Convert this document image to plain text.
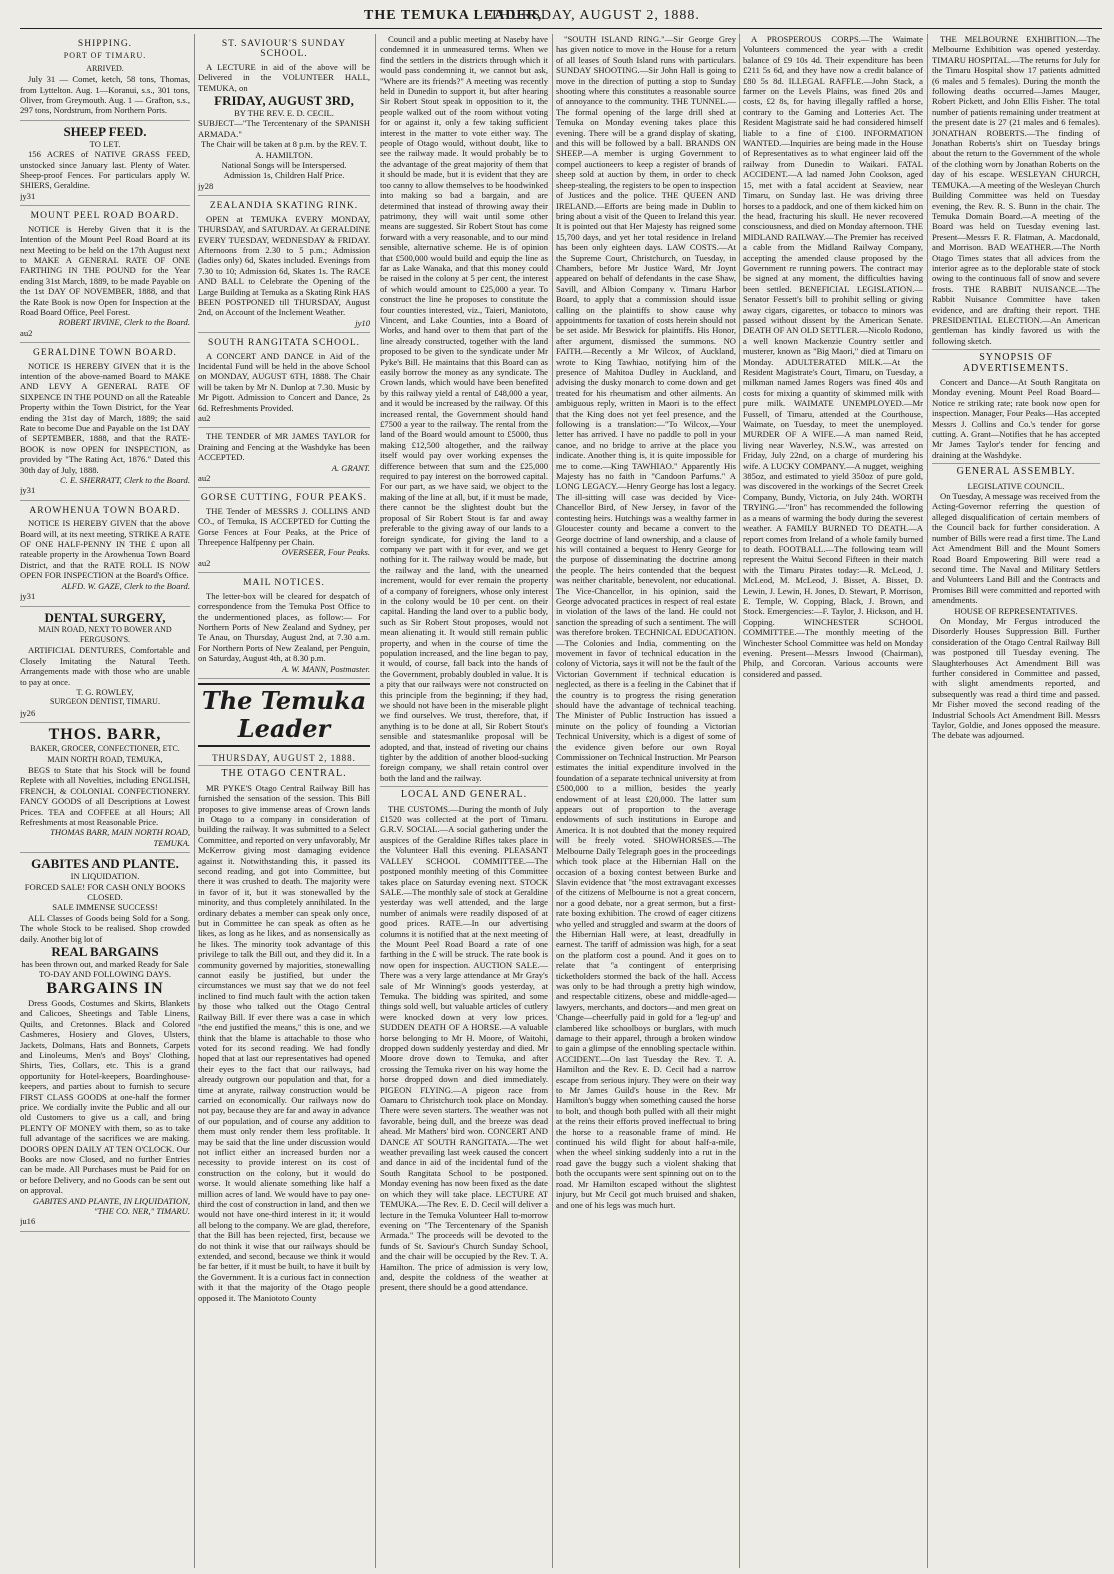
THE TEMUKA LEADER,
THURSDAY, AUGUST 2, 1888.
SHIPPING.
PORT OF TIMARU.
ARRIVED.

July 31 — Comet, ketch, 58 tons, Thomas, from Lyttelton. Aug. 1—Koranui, s.s., 301 tons, Oliver, from Greymouth. Aug. 1 — Grafton, s.s., 297 tons, Nordstrum, from Northern Ports.

SHEEP FEED.
TO LET.

156 ACRES of NATIVE GRASS FEED, unstocked since January last. Plenty of Water. Sheep-proof Fences. For particulars apply W. SHIERS, Geraldine.

jy31
MOUNT PEEL ROAD BOARD.

NOTICE is Hereby Given that it is the Intention of the Mount Peel Road Board at its next Meeting to be held on the 17th August next to MAKE A GENERAL RATE OF ONE FARTHING IN THE POUND for the Year ending 31st March, 1889, to be made Payable on the 1st DAY OF NOVEMBER, 1888, and that the Rate Book is now Open for Inspection at the Road Board Office, Peel Forest.

ROBERT IRVINE, Clerk to the Board.
au2
GERALDINE TOWN BOARD.

NOTICE IS HEREBY GIVEN that it is the intention of the above-named Board to MAKE AND LEVY A GENERAL RATE OF SIXPENCE IN THE POUND on all the Rateable Property within the Town District, for the Year ending the 31st day of March, 1889; the said Rate to become Due and Payable on the 1st DAY of SEPTEMBER, 1888, and that the RATE-BOOK is now OPEN for INSPECTION, as provided by "The Rating Act, 1876." Dated this 30th day of July, 1888.

C. E. SHERRATT, Clerk to the Board.
jy31
AROWHENUA TOWN BOARD.

NOTICE IS HEREBY GIVEN that the above Board will, at its next meeting, STRIKE A RATE OF ONE HALF-PENNY IN THE £ upon all rateable property in the Arowhenua Town Board District, and that the RATE ROLL IS NOW OPEN FOR INSPECTION at the Board's Office.

ALFD. W. GAZE, Clerk to the Board.
jy31
DENTAL SURGERY,
MAIN ROAD, NEXT TO BOWER AND FERGUSON'S.

ARTIFICIAL DENTURES, Comfortable and Closely Imitating the Natural Teeth. Arrangements made with those who are unable to pay at once.

T. G. ROWLEY,
SURGEON DENTIST, TIMARU.
jy26
THOS. BARR,
BAKER, GROCER, CONFECTIONER, ETC.
MAIN NORTH ROAD, TEMUKA,

BEGS to State that his Stock will be found Replete with all Novelties, including ENGLISH, FRENCH, & COLONIAL CONFECTIONERY. FANCY GOODS of all Descriptions at Lowest Prices. TEA and COFFEE at all Hours; All Refreshments at most Reasonable Price.

THOMAS BARR, MAIN NORTH ROAD, TEMUKA.
GABITES AND PLANTE.
IN LIQUIDATION.
FORCED SALE! FOR CASH ONLY BOOKS CLOSED.
SALE IMMENSE SUCCESS!

ALL Classes of Goods being Sold for a Song. The whole Stock to be realised. Shop crowded daily. Another big lot of

REAL BARGAINS

has been thrown out, and marked Ready for Sale TO-DAY AND FOLLOWING DAYS.

BARGAINS IN

Dress Goods, Costumes and Skirts, Blankets and Calicoes, Sheetings and Table Linens, Quilts, and Cretonnes. Black and Colored Cashmeres, Hosiery and Gloves, Ulsters, Jackets, Dolmans, Hats and Bonnets, Carpets and Linoleums, Men's and Boys' Clothing, Shirts, Ties, Collars, etc. This is a grand opportunity for Hotel-keepers, Boardinghouse-keepers, and parties about to furnish to secure FIRST CLASS GOODS at one-half the former price. We cordially invite the Public and all our old Customers to give us a call, and bring PLENTY OF MONEY with them, so as to take full advantage of the sacrifices we are making. DOORS OPEN DAILY AT TEN O'CLOCK. Our Books are now Closed, and no further Entries can be made. All Purchases must be Paid for on or before Delivery, and no Goods can be sent out on approval.

GABITES AND PLANTE, IN LIQUIDATION, "THE CO. NER," TIMARU.
ju16
ST. SAVIOUR'S SUNDAY SCHOOL.

A LECTURE in aid of the above will be Delivered in the VOLUNTEER HALL, TEMUKA, on

FRIDAY, AUGUST 3RD,
BY THE REV. E. D. CECIL.
SUBJECT—"The Tercentenary of the SPANISH ARMADA."
The Chair will be taken at 8 p.m. by the REV. T. A. HAMILTON.
National Songs will be Interspersed.
Admission 1s, Children Half Price.
jy28
ZEALANDIA SKATING RINK.

OPEN at TEMUKA EVERY MONDAY, THURSDAY, and SATURDAY. At GERALDINE EVERY TUESDAY, WEDNESDAY & FRIDAY. Afternoons from 2.30 to 5 p.m.; Admission (ladies only) 6d, Skates included. Evenings from 7.30 to 10; Admission 6d, Skates 1s. The RACE AND BALL to Celebrate the Opening of the Large Building at Temuka as a Skating Rink HAS BEEN POSTPONED till THURSDAY, August 2nd, on Account of the Inclement Weather.

jy10
SOUTH RANGITATA SCHOOL.

A CONCERT AND DANCE in Aid of the Incidental Fund will be held in the above School on MONDAY, AUGUST 6TH, 1888. The Chair will be taken by Mr N. Dunlop at 7.30. Music by Mr Pigott. Admission to Concert and Dance, 2s 6d. Refreshments Provided.

au2

THE TENDER of MR JAMES TAYLOR for Draining and Fencing at the Washdyke has been ACCEPTED.

A. GRANT.
au2
GORSE CUTTING, FOUR PEAKS.

THE Tender of MESSRS J. COLLINS AND CO., of Temuka, IS ACCEPTED for Cutting the Gorse Fences at Four Peaks, at the Price of Threepence Halfpenny per Chain.

OVERSEER, Four Peaks.
au2
MAIL NOTICES.

The letter-box will be cleared for despatch of correspondence from the Temuka Post Office to the undermentioned places, as follow:— For Northern Ports of New Zealand and Sydney, per Te Anau, on Thursday, August 2nd, at 7.30 a.m. For Northern Ports of New Zealand, per Penguin, on Saturday, August 4th, at 8.30 p.m.

A. W. MANN, Postmaster.
The Temuka Leader
THURSDAY, AUGUST 2, 1888.
THE OTAGO CENTRAL.

MR PYKE'S Otago Central Railway Bill has furnished the sensation of the session. This Bill proposes to give immense areas of Crown lands in Otago to a company in consideration of building the railway. It was submitted to a Select Committee, and reported on very unfavorably, Mr McKerrow giving most damaging evidence against it. Notwithstanding this, it passed its second reading, and got into Committee, but there it was crushed to death. The majority were in favor of it, but it was stonewalled by the minority, and thus completely annihilated. In the ordinary debates a member can speak only once, but in Committee he can speak as often as he likes, as long as he likes, and as nonsensically as he likes. The minority took advantage of this privilege to talk the Bill out, and they did it. In a community governed by majorities, stonewalling cannot easily be justified, but under the circumstances we must say that we do not feel inclined to find much fault with the action taken by those who talked out the Otago Central Railway Bill. If ever there was a case in which "the end justified the means," this is one, and we think that the blame is attachable to those who voted for its second reading. We had fondly hoped that at last our representatives had opened their eyes to the fact that our railways, had already outgrown our population and that, for a time at anyrate, railway construction would be carried on economically. Our railways now do not pay, because they are far and away in advance of our population, and of course any addition to them must only render them less profitable. It may be said that the line under discussion would not inflict either an increased burden nor a necessity to provide interest on its cost of construction on the colony, but it would do worse. It would alienate something like half a million acres of land. We would have to pay one-third the cost of construction in land, and then we would not have one-third interest in it; it would all belong to the company. We are glad, therefore, that the Bill has been rejected, first, because we do not think it wise that our railways should be extended, and second, because we think it would be far better, if it must be built, to have it built by the Government. It is a curious fact in connection with it that the majority of the Otago people opposed it. The Maniototo County

Council and a public meeting at Naseby have condemned it in unmeasured terms. When we find the settlers in the districts through which it would pass condemning it, we cannot but ask, "Where are its friends?" A meeting was recently held in Dunedin to support it, but after hearing Sir Robert Stout speak in opposition to it, the people walked out of the room without voting for or against it, only a few taking sufficient interest in the matter to vote either way. The people of Otago would, without doubt, like to see the railway made. It would probably be to the advantage of the great majority of them that it should be made, but it is evident that they are too canny to allow themselves to be hoodwinked into making so bad a bargain, and are determined that instead of throwing away their patrimony, they will wait until some other means are suggested. Sir Robert Stout has come forward with a very reasonable, and to our mind sensible, alternative scheme. He is of opinion that £500,000 would build and equip the line as far as Lake Wanaka, and that this money could be raised in the colony at 5 per cent, the interest of which would amount to £25,000 a year. To construct the line he proposes to constitute the four counties interested, viz., Taieri, Maniototo, Vincent, and Lake Counties, into a Board of Works, and hand over to them that part of the line already constructed, together with the land proposed to be given to the syndicate under Mr Pyke's Bill. He maintains that this Board can as easily borrow the money as any syndicate. The Crown lands, which would have been benefited by this railway yield a rental of £48,000 a year, and it would be increased by the railway. Of this increased rental, the Government should hand £7500 a year to the railway. The rental from the land of the Board would amount to £5000, thus making £12,500 altogether, and the railway itself would pay over working expenses the difference between that sum and the £25,000 required to pay interest on the borrowed capital. For our part, as we have said, we object to the making of the line at all, but, if it must be made, there cannot be the slightest doubt but the proposal of Sir Robert Stout is far and away preferable to the giving away of our lands to a foreign syndicate, for giving the land to a company we part with it for ever, and we get nothing for it. The railway would be made, but the railway and the land, with the unearned increment, would for ever remain the property of a company of foreigners, whose only interest in the colony would be 10 per cent. on their capital. Handing the land over to a public body, such as Sir Robert Stout proposes, would not mean alienating it. It would still remain public property, and when in the course of time the population increased, and the line began to pay, it would, of course, fall back into the hands of the Government, probably doubled in value. It is a pity that our railways were not constructed on this principle from the beginning; if they had, we should not have been in the miserable plight we find ourselves. We trust, therefore, that, if anything is to be done at all, Sir Robert Stout's sensible and statesmanlike proposal will be adopted, and that, instead of riveting our chains tighter by the addition of another blood-sucking foreign company, we shall retain control over both the land and the railway.

LOCAL AND GENERAL.

THE CUSTOMS.—During the month of July £1520 was collected at the port of Timaru. G.R.V. SOCIAL.—A social gathering under the auspices of the Geraldine Rifles takes place in the Volunteer Hall this evening. PLEASANT VALLEY SCHOOL COMMITTEE.—The postponed monthly meeting of this Committee takes place on Saturday evening next. STOCK SALE.—The monthly sale of stock at Geraldine yesterday was well attended, and the large number of animals were readily disposed of at good prices. RATE.—In our advertising columns it is notified that at the next meeting of the Mount Peel Road Board a rate of one farthing in the £ will be struck. The rate book is now open for inspection. AUCTION SALE.—There was a very large attendance at Mr Gray's sale of Mr Winning's goods yesterday, at Temuka. The bidding was spirited, and some things sold well, but valuable articles of cutlery were knocked down at very low prices. SUDDEN DEATH OF A HORSE.—A valuable horse belonging to Mr H. Moore, of Waitohi, dropped down suddenly yesterday and died. Mr Moore drove down to Temuka, and after crossing the Temuka river on his way home the horse dropped down and died immediately. PIGEON FLYING.—A pigeon race from Oamaru to Christchurch took place on Monday. There were seven starters. The weather was not favorable, being dull, and the breeze was dead ahead. Mr Mathers' bird won. CONCERT AND DANCE AT SOUTH RANGITATA.—The wet weather prevailing last week caused the concert and dance in aid of the incidental fund of the South Rangitata School to be postponed. Monday evening has now been fixed as the date on which they will take place. LECTURE AT TEMUKA.—The Rev. E. D. Cecil will deliver a lecture in the Temuka Volunteer Hall to-morrow evening on "The Tercentenary of the Spanish Armada." The proceeds will be devoted to the funds of St. Saviour's Church Sunday School, and the chair will be occupied by the Rev. T. A. Hamilton. The price of admission is very low, and, despite the coldness of the weather at present, there should be a good attendance.

"SOUTH ISLAND RING."—Sir George Grey has given notice to move in the House for a return of all leases of South Island runs with particulars. SUNDAY SHOOTING.—Sir John Hall is going to move in the direction of putting a stop to Sunday shooting where this constitutes a reasonable source of annoyance to the community. THE TUNNEL.—The formal opening of the large drill shed at Temuka on Monday evening takes place this evening. There will be a grand display of skating, and this will be followed by a ball. BRANDS ON SHEEP.—A member is urging Government to compel auctioneers to keep a register of brands of sheep sold at auction by them, in order to check sheep-stealing, the registers to be open to inspection of Justices and the police. THE QUEEN AND IRELAND.—Efforts are being made in Dublin to bring about a visit of the Queen to Ireland this year. It is pointed out that Her Majesty has reigned some 15,700 days, and yet her total residence in Ireland has been only eighteen days. LAW COSTS.—At the Supreme Court, Christchurch, on Tuesday, in Chambers, before Mr Justice Ward, Mr Joynt appeared on behalf of defendants in the case Shaw, Savill, and Albion Company v. Timaru Harbor Board, to apply that a commission should issue calling on the plaintiffs to show cause why appointments for taxation of costs herein should not be set aside. Mr Beswick for plaintiffs. His Honor, after argument, dismissed the summons. NO FAITH.—Recently a Mr Wilcox, of Auckland, wrote to King Tawhiao, notifying him of the presence of Mahitoa Dudley in Auckland, and advising the dusky monarch to come down and get treated for his rheumatism and other ailments. An ambiguous reply, written in Maori is to the effect that the King does not yet feel presence, and the following is a translation:—"To Wilcox,—Your letter has arrived. I have no paddle to poll in your canoe, and no bridge to arrive at the place you indicate. Another thing is, it is quite impossible for me to come.—King TAWHIAO." Apparently His Majesty has no faith in "Candoon Parfums." A LONG LEGACY.—Henry George has lost a legacy. The ill-sitting will case was decided by Vice-Chancellor Bird, of New Jersey, in favor of the contesting heirs. Hutchings was a wealthy farmer in Gloucester county and became a convert to the George doctrine of land ownership, and a clause of his will contained a bequest to Henry George for the purpose of disseminating the doctrine among the people. The heirs contended that the bequest was neither charitable, benevolent, nor educational. The Vice-Chancellor, in his opinion, said the George advocated practices in respect of real estate in violation of the laws of the land. He could not sanction the spreading of such a sentiment. The will was therefore broken. TECHNICAL EDUCATION.—The Colonies and India, commenting on the movement in favor of technical education in the colony of Victoria, says it will not be the fault of the Victorian Government if technical education is neglected, as there is a feeling in the Cabinet that if the country is to progress the rising generation should have the advantage of technical teaching. The Minister of Public Instruction has issued a minute on the policy of founding a Victorian Technical University, which is a digest of some of the evidence given before our own Royal Commissioner on Technical Instruction. Mr Pearson estimates the initial expenditure involved in the foundation of a separate technical university at from £500,000 to a million, besides the yearly endowment of at least £20,000. The latter sum appears out of proportion to the average endowments of such institutions in Europe and America. It is not doubted that the money required will be freely voted. SHOWHORSES.—The Melbourne Daily Telegraph goes in the proceedings which took place at the Hibernian Hall on the occasion of a boxing contest between Burke and Slavin evidence that "the most extravagant excesses of the citizens of Melbourne is not a great concern, nor a good debate, nor a great sermon, but a first-rate boxing exhibition. The crowd of eager citizens who yelled and struggled and swarm at the doors of the Hibernian Hall were, at least, dreadfully in earnest. The tariff of admission was high, for a seat on the platform cost a pound. And it goes on to relate that "a contingent of enterprising ticketholders stormed the back of the hall. Access was only to be had through a pretty high window, and respectable citizens, obese and middle-aged—lawyers, merchants, and doctors—and men great on 'Change—cheerfully paid in gold for a 'leg-up' and clambered like schoolboys or burglars, with much damage to their apparel, through a broken window to gain a glimpse of the ennobling spectacle within. ACCIDENT.—On last Tuesday the Rev. T. A. Hamilton and the Rev. E. D. Cecil had a narrow escape from serious injury. They were on their way to Mr James Guild's house in the Rev. Mr Hamilton's buggy when something caused the horse to bolt, and though both pulled with all their might at the reins their efforts proved ineffectual to bring the horse to a reasonable frame of mind. He continued his wild flight for about half-a-mile, when the wheel sinking suddenly into a rut in the road gave the buggy such a violent shaking that both the occupants were sent spinning out on to the road. Mr Hamilton escaped without the slightest injury, but Mr Cecil got much bruised and shaken, and one of his legs was much hurt.

A PROSPEROUS CORPS.—The Waimate Volunteers commenced the year with a credit balance of £9 10s 4d. Their expenditure has been £211 5s 6d, and they have now a credit balance of £80 5s 8d. ILLEGAL RAFFLE.—John Stack, a farmer on the Levels Plains, was fined 20s and costs, £2 8s, for having illegally raffled a horse, contrary to the Gaming and Lotteries Act. The Resident Magistrate said he had considered himself liable to a fine of £100. INFORMATION WANTED.—Inquiries are being made in the House of Representatives as to what engineer laid off the railway from Dunedin to Waikari. FATAL ACCIDENT.—A lad named John Cookson, aged 15, met with a fatal accident at Seaview, near Timaru, on Sunday last. He was driving three horses to a paddock, and one of them kicked him on the head, fracturing his skull. He never recovered consciousness, and died on Monday afternoon. THE MIDLAND RAILWAY.—The Premier has received a cable from the Midland Railway Company, accepting the amended clause proposed by the Government re running powers. The contract may be signed at any moment, the difficulties having been settled. BENEFICIAL LEGISLATION.—Senator Fessett's bill to prohibit selling or giving away cigars, cigarettes, or tobacco to minors was passed without dissent by the American Senate. DEATH OF AN OLD SETTLER.—Nicolo Rodono, a well known Mackenzie Country settler and musterer, known as "Big Maori," died at Timaru on Monday. ADULTERATED MILK.—At the Resident Magistrate's Court, Timaru, on Tuesday, a milkman named James Rogers was fined 40s and costs for mixing a quantity of skimmed milk with pure milk. WAIMATE UNEMPLOYED.—Mr Fussell, of Timaru, attended at the Courthouse, Waimate, on Tuesday, to meet the unemployed. MURDER OF A WIFE.—A man named Reid, living near Waverley, N.S.W., was arrested on Friday, July 22nd, on a charge of murdering his wife. A LUCKY COMPANY.—A nugget, weighing 385oz, and estimated to yield 350oz of pure gold, was discovered in the workings of the Secret Creek Company, Bundy, Victoria, on July 24th. WORTH TRYING.—"Iron" has recommended the following as a means of warming the body during the severest weather. A FAMILY BURNED TO DEATH.—A report comes from Ireland of a whole family burned to death. FOOTBALL.—The following team will represent the Waitui Second Fifteen in their match with the Timaru Pirates today:—R. McLeod, J. McLeod, M. McLeod, J. Bisset, A. Bisset, D. Lewin, J. Lewin, H. Jones, D. Stewart, P. Morrison, E. Temple, W. Copping, Black, J. Brown, and Stock. Emergencies:—F. Taylor, J. Hickson, and H. Copping. WINCHESTER SCHOOL COMMITTEE.—The monthly meeting of the Winchester School Committee was held on Monday evening. Present—Messrs Inwood (Chairman), Philp, and Corcoran. Various accounts were considered and passed.

THE MELBOURNE EXHIBITION.—The Melbourne Exhibition was opened yesterday. TIMARU HOSPITAL.—The returns for July for the Timaru Hospital show 17 patients admitted (6 males and 5 females). During the month the following deaths occurred—James Mauger, Robert Pickett, and John Ellis Fisher. The total number of patients remaining under treatment at the present date is 27 (21 males and 6 females). JONATHAN ROBERTS.—The finding of Jonathan Roberts's shirt on Tuesday brings about the return to the Government of the whole of the clothing worn by Jonathan Roberts on the day of his escape. WESLEYAN CHURCH, TEMUKA.—A meeting of the Wesleyan Church Building Committee was held on Tuesday evening, the Rev. R. S. Bunn in the chair. The Temuka Domain Board.—A meeting of the Board was held on Tuesday evening last. Present—Messrs F. R. Flatman, A. Macdonald, and Morrison. BAD WEATHER.—The North Otago Times states that all advices from the interior agree as to the deplorable state of stock owing to the continuous fall of snow and severe frosts. THE RABBIT NUISANCE.—The Rabbit Nuisance Committee have taken evidence, and are drafting their report. THE PRESIDENTIAL ELECTION.—An American gentleman has kindly favored us with the following sketch.

SYNOPSIS OF ADVERTISEMENTS.

Concert and Dance—At South Rangitata on Monday evening. Mount Peel Road Board—Notice re striking rate; rate book now open for inspection. Manager, Four Peaks—Has accepted Messrs J. Collins and Co.'s tender for gorse cutting. A. Grant—Notifies that he has accepted Mr James Taylor's tender for fencing and draining at the Washdyke.

GENERAL ASSEMBLY.
LEGISLATIVE COUNCIL.

On Tuesday, A message was received from the Acting-Governor referring the question of alleged disqualification of certain members of the Council back for further consideration. A number of Bills were read a first time. The Land Act Amendment Bill and the Mount Somers Road Board Empowering Bill were read a second time. The Naval and Military Settlers and Volunteers Land Bill and the Contracts and Promises Bill were committed and reported with amendments.

HOUSE OF REPRESENTATIVES.

On Monday, Mr Fergus introduced the Disorderly Houses Suppression Bill. Further consideration of the Otago Central Railway Bill was postponed till Tuesday evening. The Slaughterhouses Act Amendment Bill was further considered in Committee and passed, with slight amendments reported, and subsequently was read a third time and passed. Mr Fisher moved the second reading of the Industrial Schools Act Amendment Bill. Messrs Taylor, Goldie, and Jones opposed the measure. The debate was adjourned.
